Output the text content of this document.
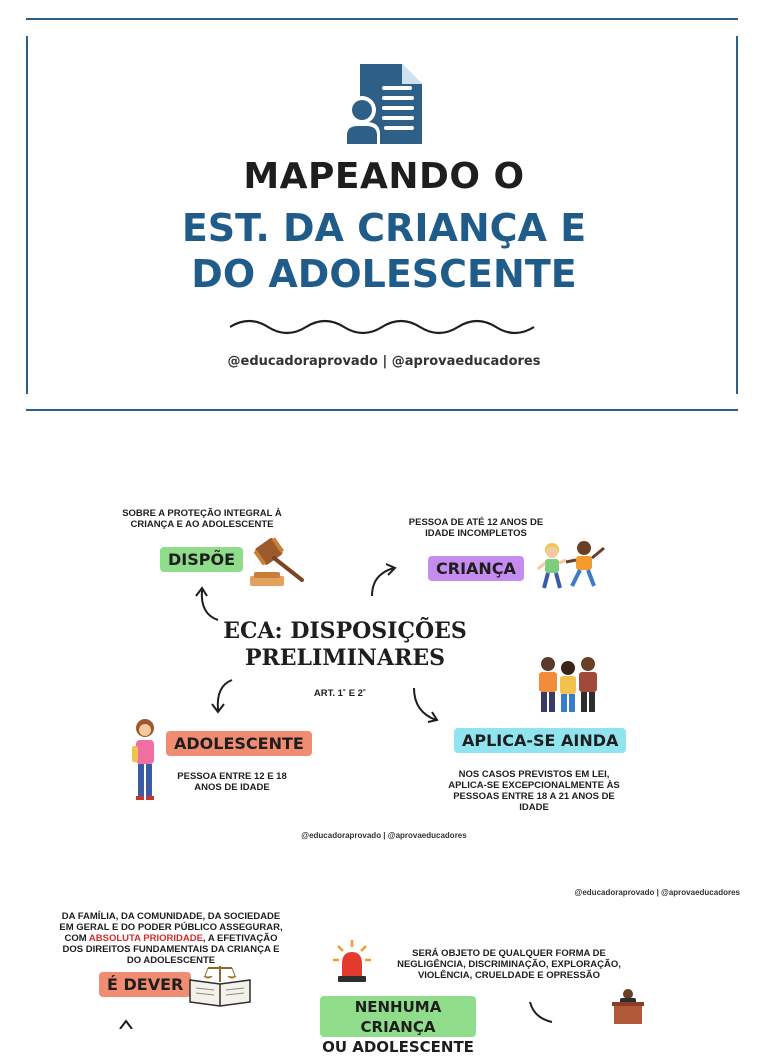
MAPEANDO O
EST. DA CRIANÇA E
DO ADOLESCENTE
@educadoraprovado | @aprovaeducadores
SOBRE A PROTEÇÃO INTEGRAL À CRIANÇA E AO ADOLESCENTE
DISPÕE
PESSOA DE ATÉ 12 ANOS DE IDADE INCOMPLETOS
CRIANÇA
ECA: DISPOSIÇÕES
PRELIMINARES
ART. 1˚ E 2˚
ADOLESCENTE
PESSOA ENTRE 12 E 18 ANOS DE IDADE
APLICA-SE AINDA
NOS CASOS PREVISTOS EM LEI, APLICA-SE EXCEPCIONALMENTE ÀS PESSOAS ENTRE 18 A 21 ANOS DE IDADE
@educadoraprovado | @aprovaeducadores
@educadoraprovado | @aprovaeducadores
DA FAMÍLIA, DA COMUNIDADE, DA SOCIEDADE EM GERAL E DO PODER PÚBLICO ASSEGURAR, COM ABSOLUTA PRIORIDADE, A EFETIVAÇÃO DOS DIREITOS FUNDAMENTAIS DA CRIANÇA E DO ADOLESCENTE
É DEVER
SERÁ OBJETO DE QUALQUER FORMA DE NEGLIGÊNCIA, DISCRIMINAÇÃO, EXPLORAÇÃO, VIOLÊNCIA, CRUELDADE E OPRESSÃO
NENHUMA CRIANÇA
OU ADOLESCENTE
